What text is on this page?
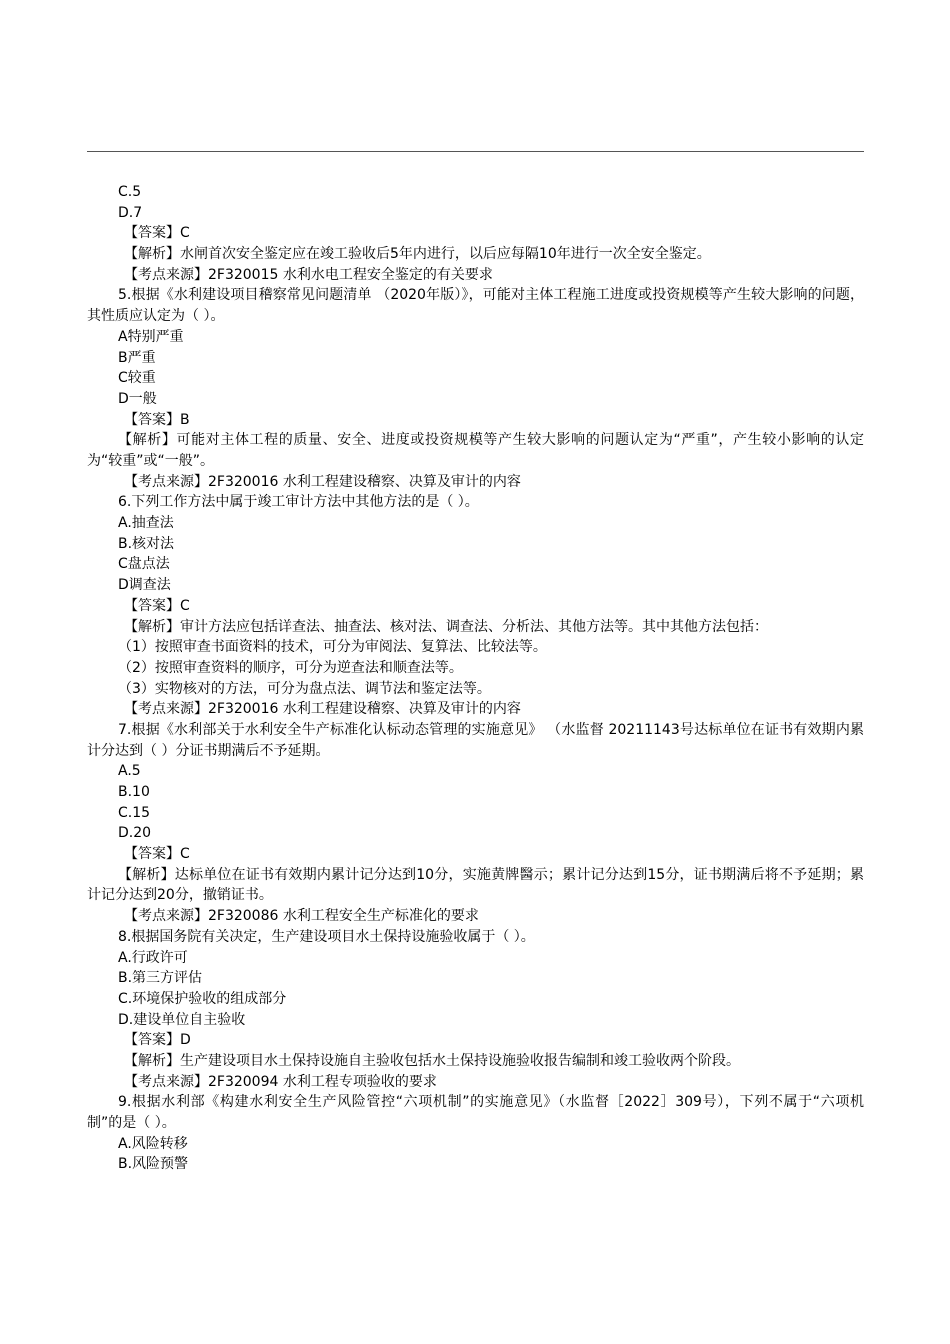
C.5
D.7
【答案】C
【解析】水闸首次安全鉴定应在竣工验收后5年内进行，以后应每隔10年进行一次全安全鉴定。
【考点来源】2F320015 水利水电工程安全鉴定的有关要求
5.根据《水利建设项目稽察常见问题清单 （2020年版）》，可能对主体工程施工进度或投资规模等产生较大影响的问题，其性质应认定为（ ）。
A特别严重
B严重
C较重
D一般
【答案】B
【解析】可能对主体工程的质量、安全、进度或投资规模等产生较大影响的问题认定为“严重”，产生较小影响的认定为“较重”或“一般”。
【考点来源】2F320016 水利工程建设稽察、决算及审计的内容
6.下列工作方法中属于竣工审计方法中其他方法的是（ ）。
A.抽查法
B.核对法
C盘点法
D调查法
【答案】C
【解析】审计方法应包括详查法、抽查法、核对法、调查法、分析法、其他方法等。其中其他方法包括：
（1）按照审查书面资料的技术，可分为审阅法、复算法、比较法等。
（2）按照审查资料的顺序，可分为逆查法和顺查法等。
（3）实物核对的方法，可分为盘点法、调节法和鉴定法等。
【考点来源】2F320016 水利工程建设稽察、决算及审计的内容
7.根据《水利部关于水利安全牛产标准化认标动态管理的实施意见》 （水监督 20211143号达标单位在证书有效期内累计分达到（ ）分证书期满后不予延期。
A.5
B.10
C.15
D.20
【答案】C
【解析】达标单位在证书有效期内累计记分达到10分，实施黄牌醫示；累计记分达到15分，证书期满后将不予延期；累计记分达到20分，撤销证书。
【考点来源】2F320086 水利工程安全生产标准化的要求
8.根据国务院有关决定，生产建设项目水土保持设施验收属于（ ）。
A.行政许可
B.第三方评估
C.环境保护验收的组成部分
D.建设单位自主验收
【答案】D
【解析】生产建设项目水土保持设施自主验收包括水土保持设施验收报告编制和竣工验收两个阶段。
【考点来源】2F320094 水利工程专项验收的要求
9.根据水利部《构建水利安全生产风险管控“六项机制”的实施意见》（水监督［2022］309号），下列不属于“六项机制”的是（ ）。
A.风险转移
B.风险预警
